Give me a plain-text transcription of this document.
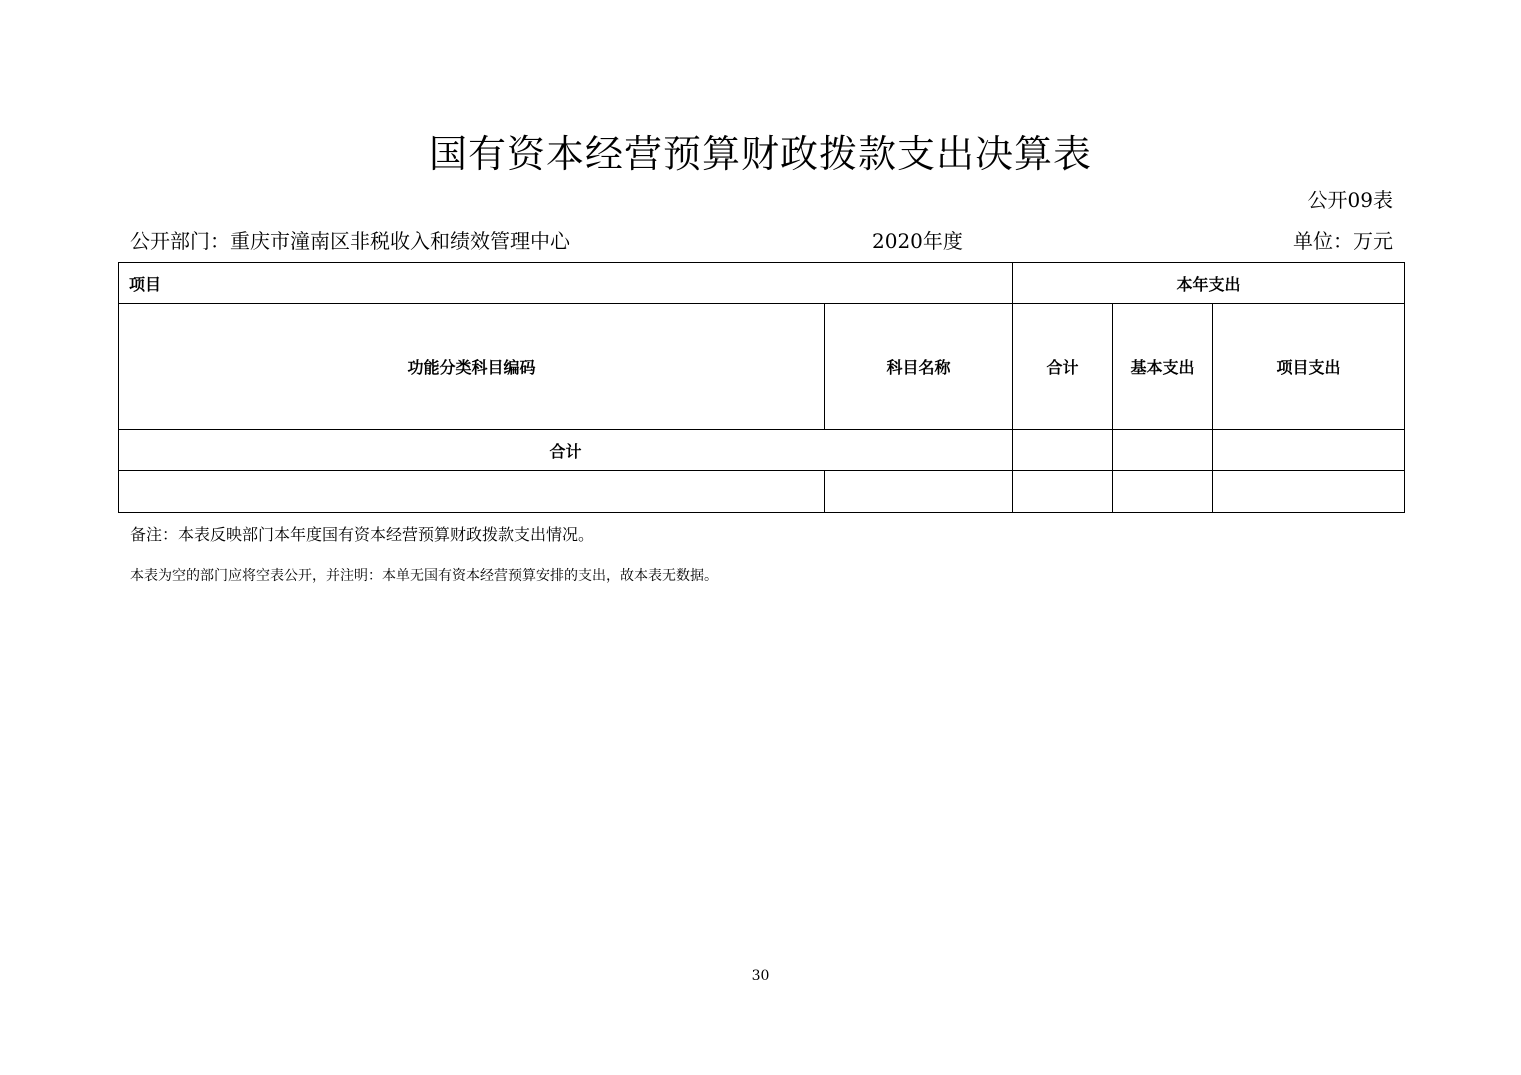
国有资本经营预算财政拨款支出决算表
公开09表
公开部门：重庆市潼南区非税收入和绩效管理中心	2020年度	单位：万元
项目		本年支出		
功能分类科目编码	科目名称	合计	基本支出	项目支出
合计				

备注：本表反映部门本年度国有资本经营预算财政拨款支出情况。
本表为空的部门应将空表公开，并注明：本单无国有资本经营预算安排的支出，故本表无数据。
30
